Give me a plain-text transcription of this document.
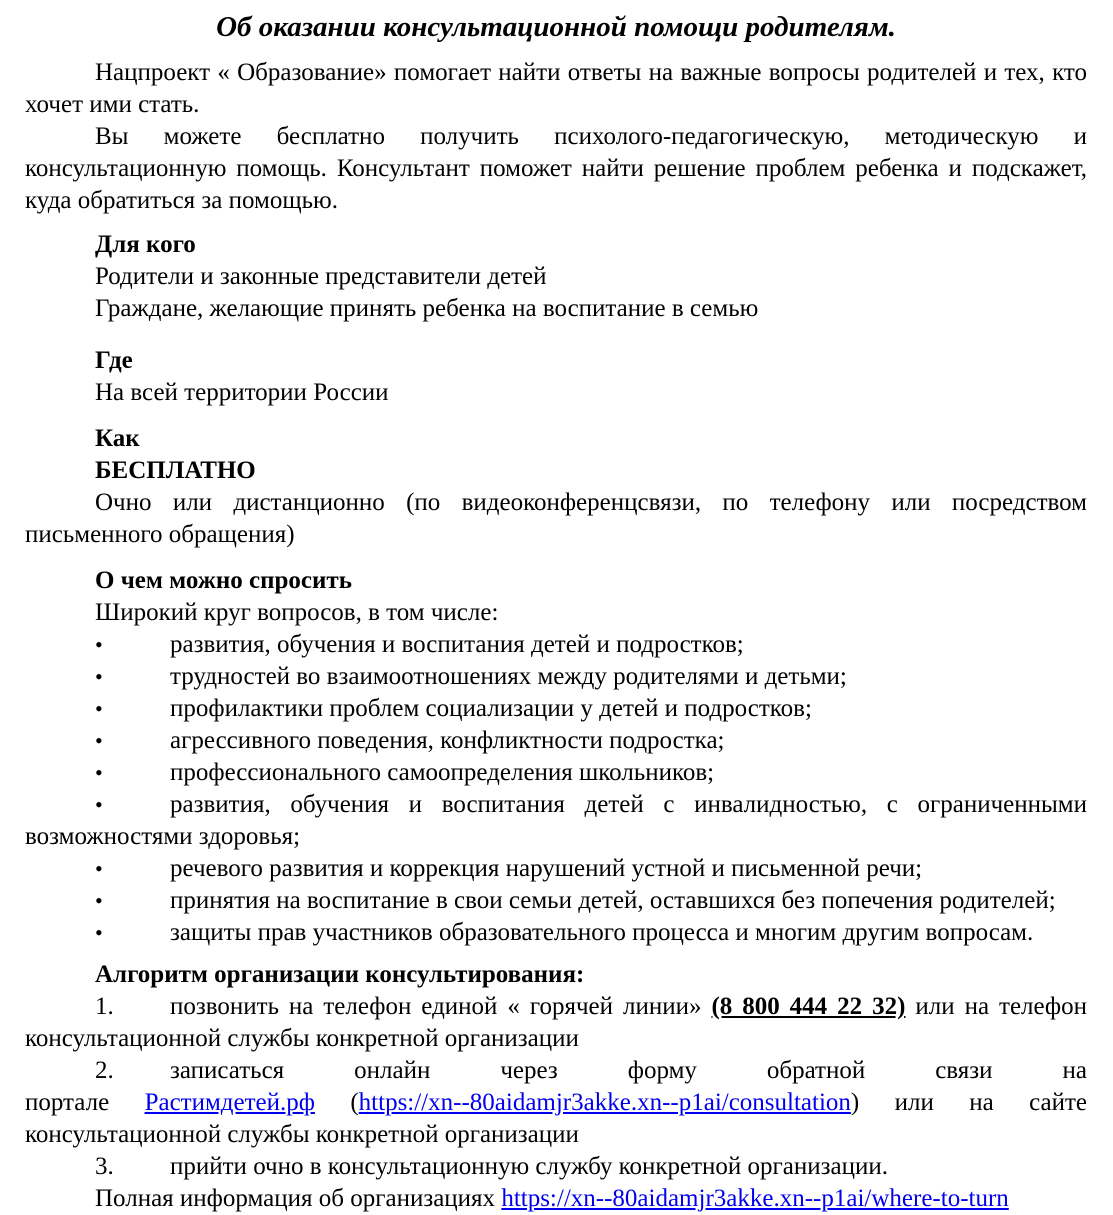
Об оказании консультационной помощи родителям.
Нацпроект « Образование» помогает найти ответы на важные вопросы родителей и тех, кто
хочет ими стать.
Вы можете бесплатно получить психолого-педагогическую, методическую и
консультационную помощь. Консультант поможет найти решение проблем ребенка и подскажет,
куда обратиться за помощью.
Для кого
Родители и законные представители детей
Граждане, желающие принять ребенка на воспитание в семью
Где
На всей территории России
Как
БЕСПЛАТНО
Очно или дистанционно (по видеоконференцсвязи, по телефону или посредством
письменного обращения)
О чем можно спросить
Широкий круг вопросов, в том числе:
•	развития, обучения и воспитания детей и подростков;
•	трудностей во взаимоотношениях между родителями и детьми;
•	профилактики проблем социализации у детей и подростков;
•	агрессивного поведения, конфликтности подростка;
•	профессионального самоопределения школьников;
•	развития, обучения и воспитания детей с инвалидностью, с ограниченными
возможностями здоровья;
•	речевого развития и коррекция нарушений устной и письменной речи;
•	принятия на воспитание в свои семьи детей, оставшихся без попечения родителей;
•	защиты прав участников образовательного процесса и многим другим вопросам.
Алгоритм организации консультирования:
1. позвонить на телефон единой « горячей линии» (8 800 444 22 32) или на телефон
консультационной службы конкретной организации
2. записаться онлайн через форму обратной связи на
портале Растимдетей.рф (https://xn--80aidamjr3akke.xn--p1ai/consultation) или на сайте
консультационной службы конкретной организации
3. прийти очно в консультационную службу конкретной организации.
Полная информация об организациях https://xn--80aidamjr3akke.xn--p1ai/where-to-turn
